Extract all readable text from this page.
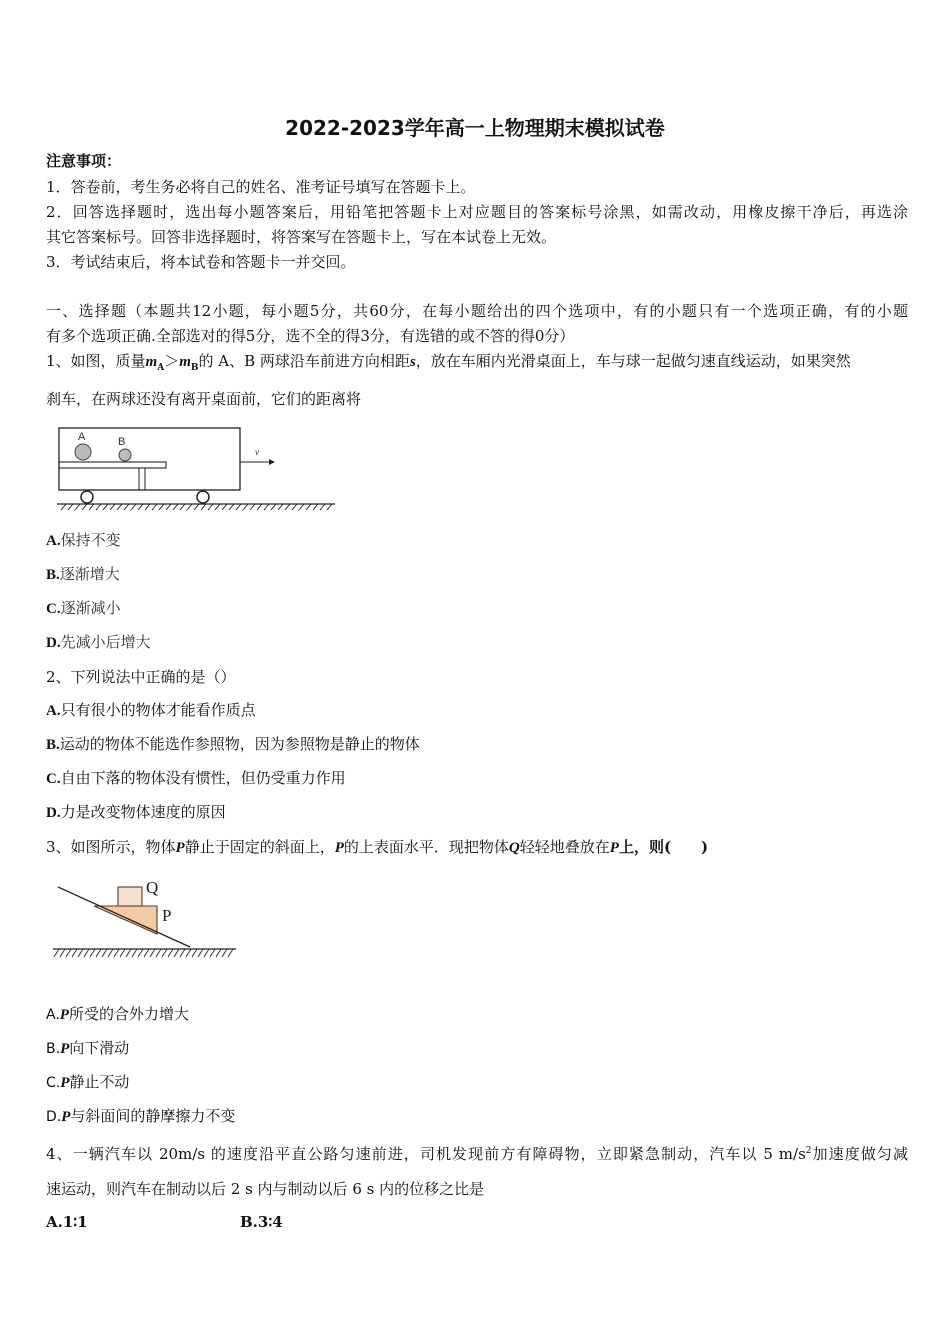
2022-2023学年高一上物理期末模拟试卷
注意事项：
1．答卷前，考生务必将自己的姓名、准考证号填写在答题卡上。
2．回答选择题时，选出每小题答案后，用铅笔把答题卡上对应题目的答案标号涂黑，如需改动，用橡皮擦干净后，再选涂
其它答案标号。回答非选择题时，将答案写在答题卡上，写在本试卷上无效。
3．考试结束后，将本试卷和答题卡一并交回。
一、选择题（本题共12小题，每小题5分，共60分，在每小题给出的四个选项中，有的小题只有一个选项正确，有的小题
有多个选项正确.全部选对的得5分，选不全的得3分，有选错的或不答的得0分）
1、如图，质量$m_A>m_B$的 A、B 两球沿车前进方向相距s，放在车厢内光滑桌面上，车与球一起做匀速直线运动，如果突然
刹车，在两球还没有离开桌面前，它们的距离将
A	B
v
A.保持不变
B.逐渐增大
C.逐渐减小
D.先减小后增大
2、下列说法中正确的是（）
A.只有很小的物体才能看作质点
B.运动的物体不能选作参照物，因为参照物是静止的物体
C.自由下落的物体没有惯性，但仍受重力作用
D.力是改变物体速度的原因
3、如图所示，物体P静止于固定的斜面上，P的上表面水平．现把物体Q轻轻地叠放在P上，则(　　)
Q
P
A.P所受的合外力增大
B.P向下滑动
C.P静止不动
D.P与斜面间的静摩擦力不变
4、一辆汽车以 20m/s 的速度沿平直公路匀速前进，司机发现前方有障碍物，立即紧急制动，汽车以 5 $m/s^2$加速度做匀减
速运动，则汽车在制动以后 2 s 内与制动以后 6 s 内的位移之比是
A.1∶1	B.3∶4
